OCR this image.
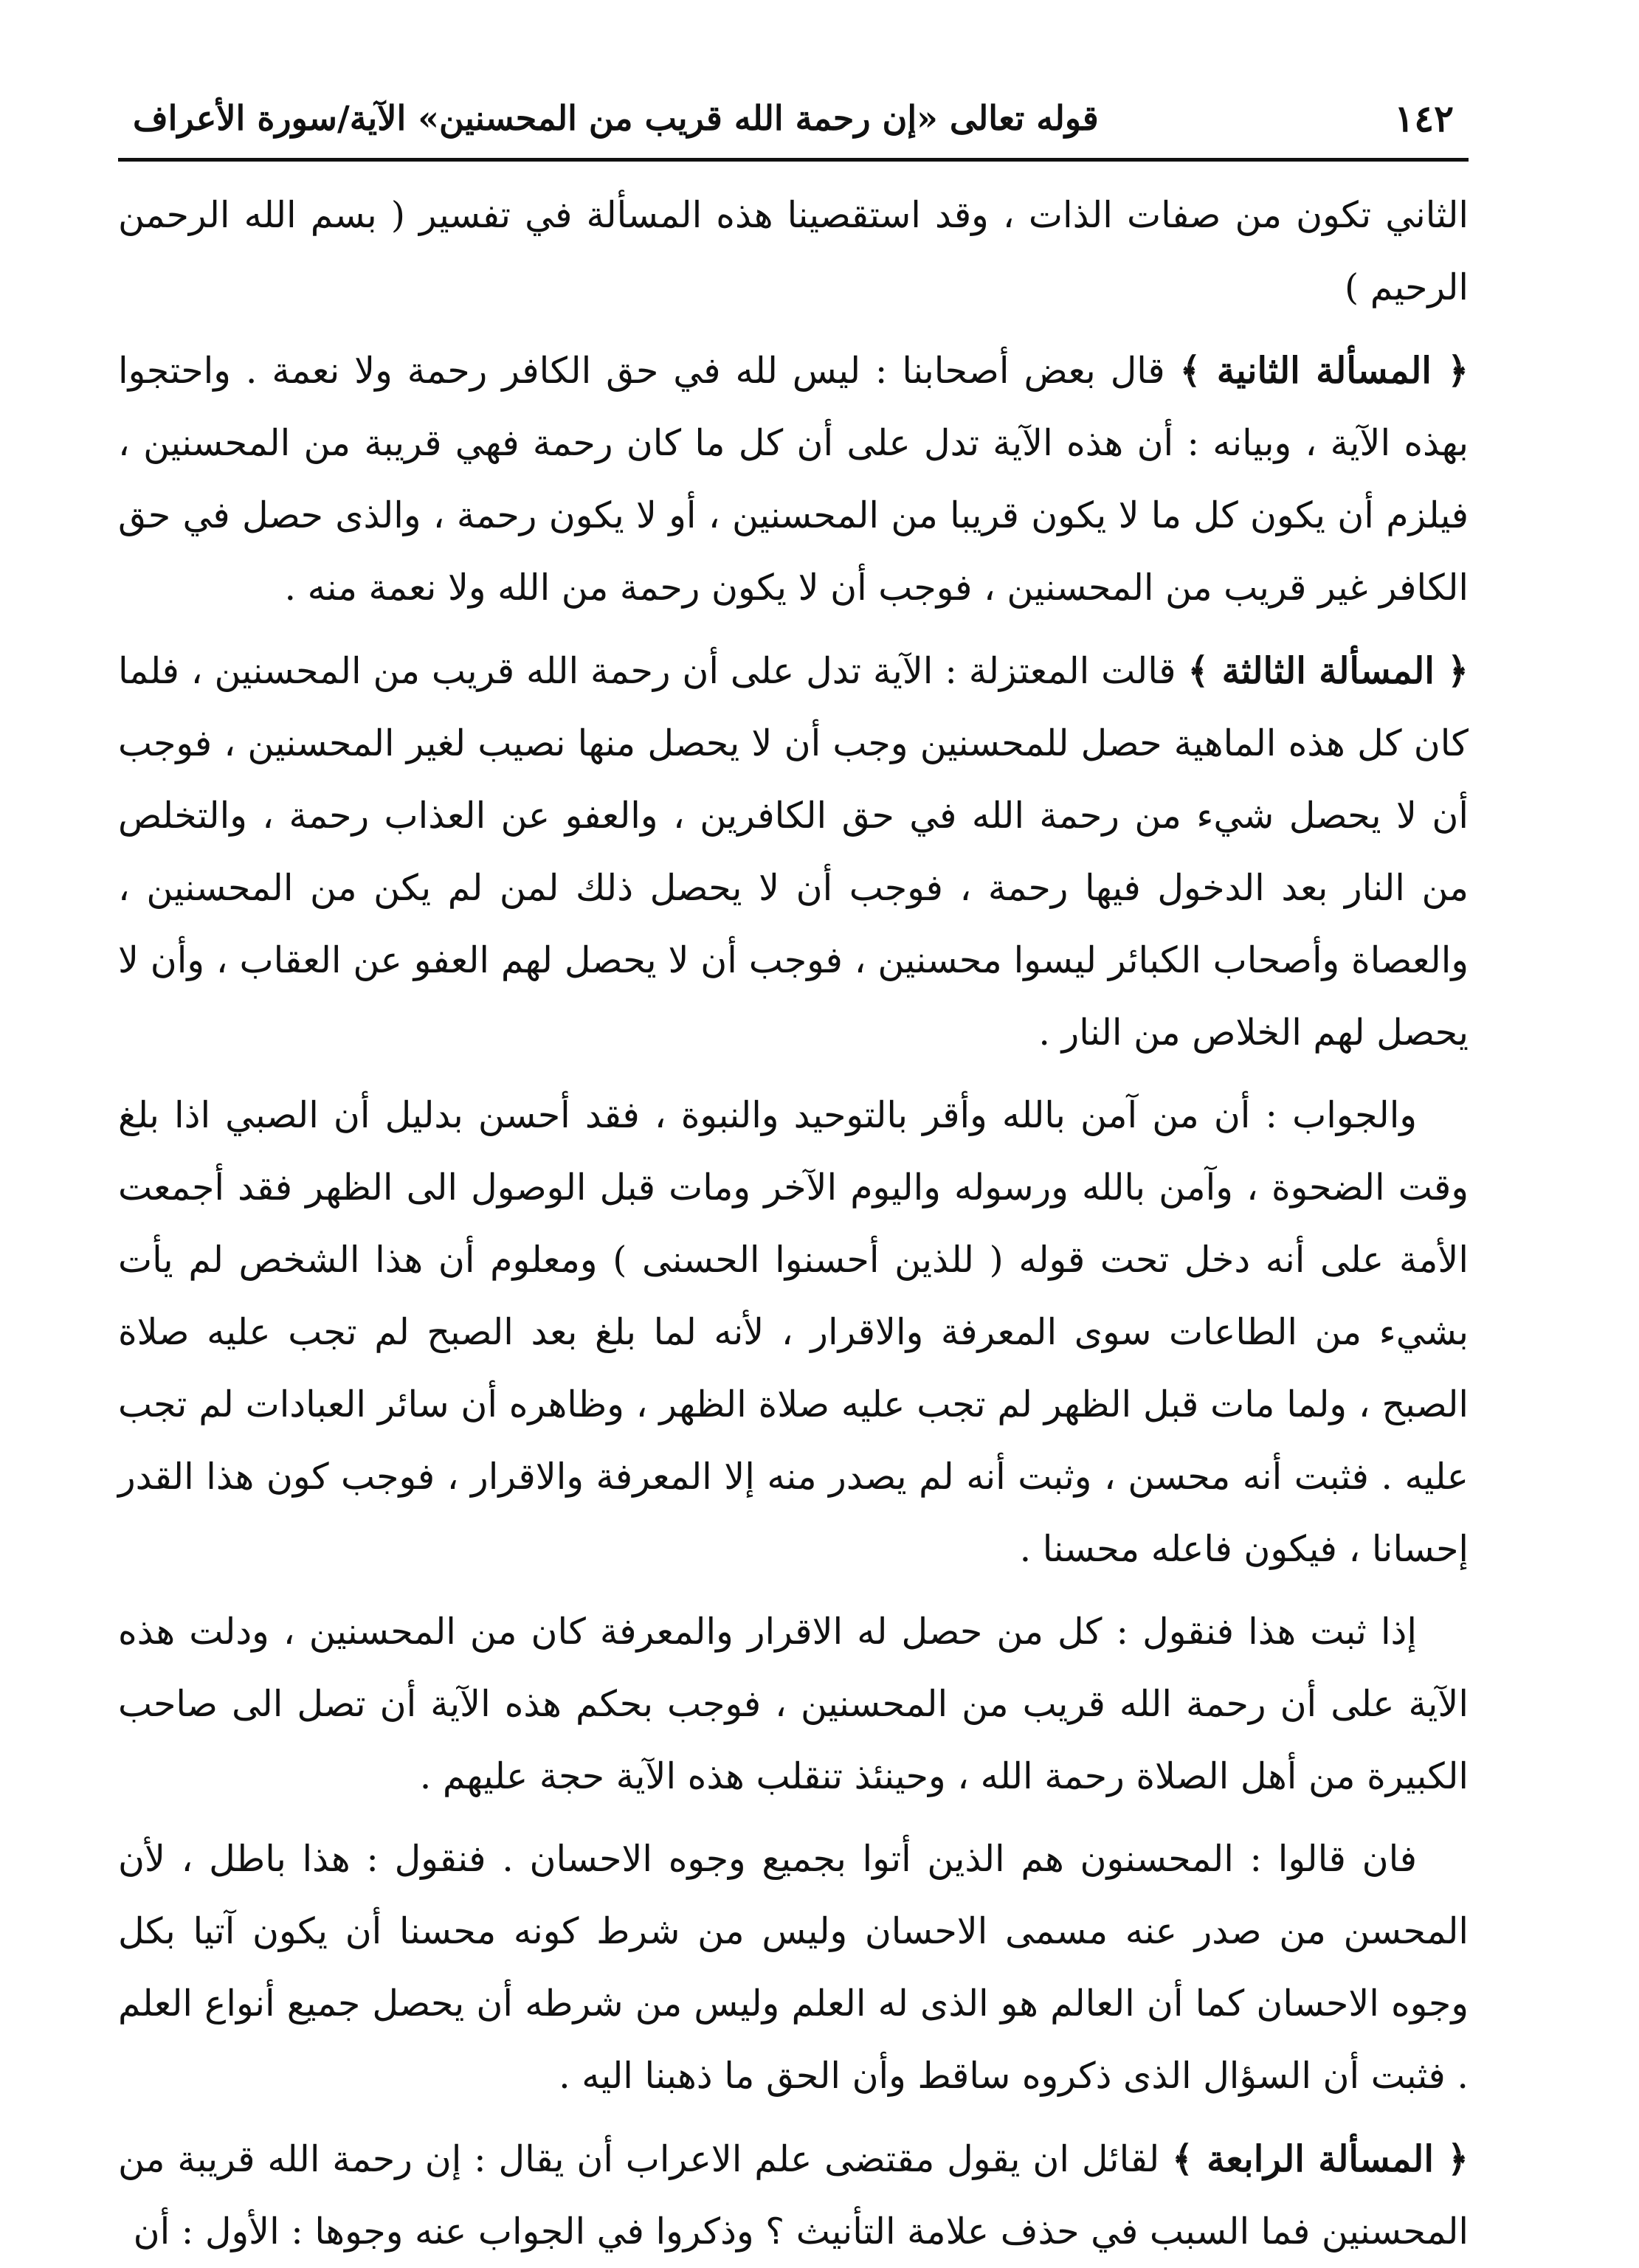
١٤٢
قوله تعالى «إن رحمة الله قريب من المحسنين» الآية/سورة الأعراف

الثاني تكون من صفات الذات ، وقد استقصينا هذه المسألة في تفسير ( بسم الله الرحمن الرحيم )

﴿ المسألة الثانية ﴾ قال بعض أصحابنا : ليس لله في حق الكافر رحمة ولا نعمة . واحتجوا بهذه الآية ، وبيانه : أن هذه الآية تدل على أن كل ما كان رحمة فهي قريبة من المحسنين ، فيلزم أن يكون كل ما لا يكون قريبا من المحسنين ، أو لا يكون رحمة ، والذى حصل في حق الكافر غير قريب من المحسنين ، فوجب أن لا يكون رحمة من الله ولا نعمة منه .

﴿ المسألة الثالثة ﴾ قالت المعتزلة : الآية تدل على أن رحمة الله قريب من المحسنين ، فلما كان كل هذه الماهية حصل للمحسنين وجب أن لا يحصل منها نصيب لغير المحسنين ، فوجب أن لا يحصل شيء من رحمة الله في حق الكافرين ، والعفو عن العذاب رحمة ، والتخلص من النار بعد الدخول فيها رحمة ، فوجب أن لا يحصل ذلك لمن لم يكن من المحسنين ، والعصاة وأصحاب الكبائر ليسوا محسنين ، فوجب أن لا يحصل لهم العفو عن العقاب ، وأن لا يحصل لهم الخلاص من النار .

والجواب : أن من آمن بالله وأقر بالتوحيد والنبوة ، فقد أحسن بدليل أن الصبي اذا بلغ وقت الضحوة ، وآمن بالله ورسوله واليوم الآخر ومات قبل الوصول الى الظهر فقد أجمعت الأمة على أنه دخل تحت قوله ( للذين أحسنوا الحسنى ) ومعلوم أن هذا الشخص لم يأت بشيء من الطاعات سوى المعرفة والاقرار ، لأنه لما بلغ بعد الصبح لم تجب عليه صلاة الصبح ، ولما مات قبل الظهر لم تجب عليه صلاة الظهر ، وظاهره أن سائر العبادات لم تجب عليه . فثبت أنه محسن ، وثبت أنه لم يصدر منه إلا المعرفة والاقرار ، فوجب كون هذا القدر إحسانا ، فيكون فاعله محسنا .

إذا ثبت هذا فنقول : كل من حصل له الاقرار والمعرفة كان من المحسنين ، ودلت هذه الآية على أن رحمة الله قريب من المحسنين ، فوجب بحكم هذه الآية أن تصل الى صاحب الكبيرة من أهل الصلاة رحمة الله ، وحينئذ تنقلب هذه الآية حجة عليهم .

فان قالوا : المحسنون هم الذين أتوا بجميع وجوه الاحسان . فنقول : هذا باطل ، لأن المحسن من صدر عنه مسمى الاحسان وليس من شرط كونه محسنا أن يكون آتيا بكل وجوه الاحسان كما أن العالم هو الذى له العلم وليس من شرطه أن يحصل جميع أنواع العلم . فثبت أن السؤال الذى ذكروه ساقط وأن الحق ما ذهبنا اليه .

﴿ المسألة الرابعة ﴾ لقائل ان يقول مقتضى علم الاعراب أن يقال : إن رحمة الله قريبة من المحسنين فما السبب في حذف علامة التأنيث ؟ وذكروا في الجواب عنه وجوها : الأول : أن
